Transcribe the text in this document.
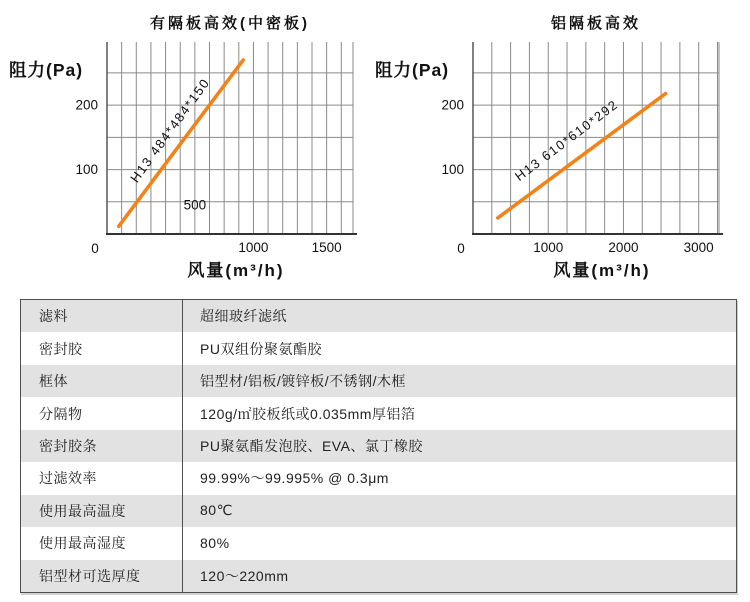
H13 484*484*150
有隔板高效(中密板)
阻力(Pa)
风量(m³/h)
1000	1500
0
100
200
500
H13 610*610*292
铝隔板高效
阻力(Pa)
风量(m³/h)
1000	2000	3000
0
100
200
滤料	超细玻纤滤纸
密封胶	PU双组份聚氨酯胶
框体	铝型材/铝板/镀锌板/不锈钢/木框
分隔物	120g/㎡胶板纸或0.035mm厚铝箔
密封胶条	PU聚氨酯发泡胶、EVA、氯丁橡胶
过滤效率	99.99%～99.995% @ 0.3μm
使用最高温度	80℃
使用最高湿度	80%
铝型材可选厚度	120～220mm
